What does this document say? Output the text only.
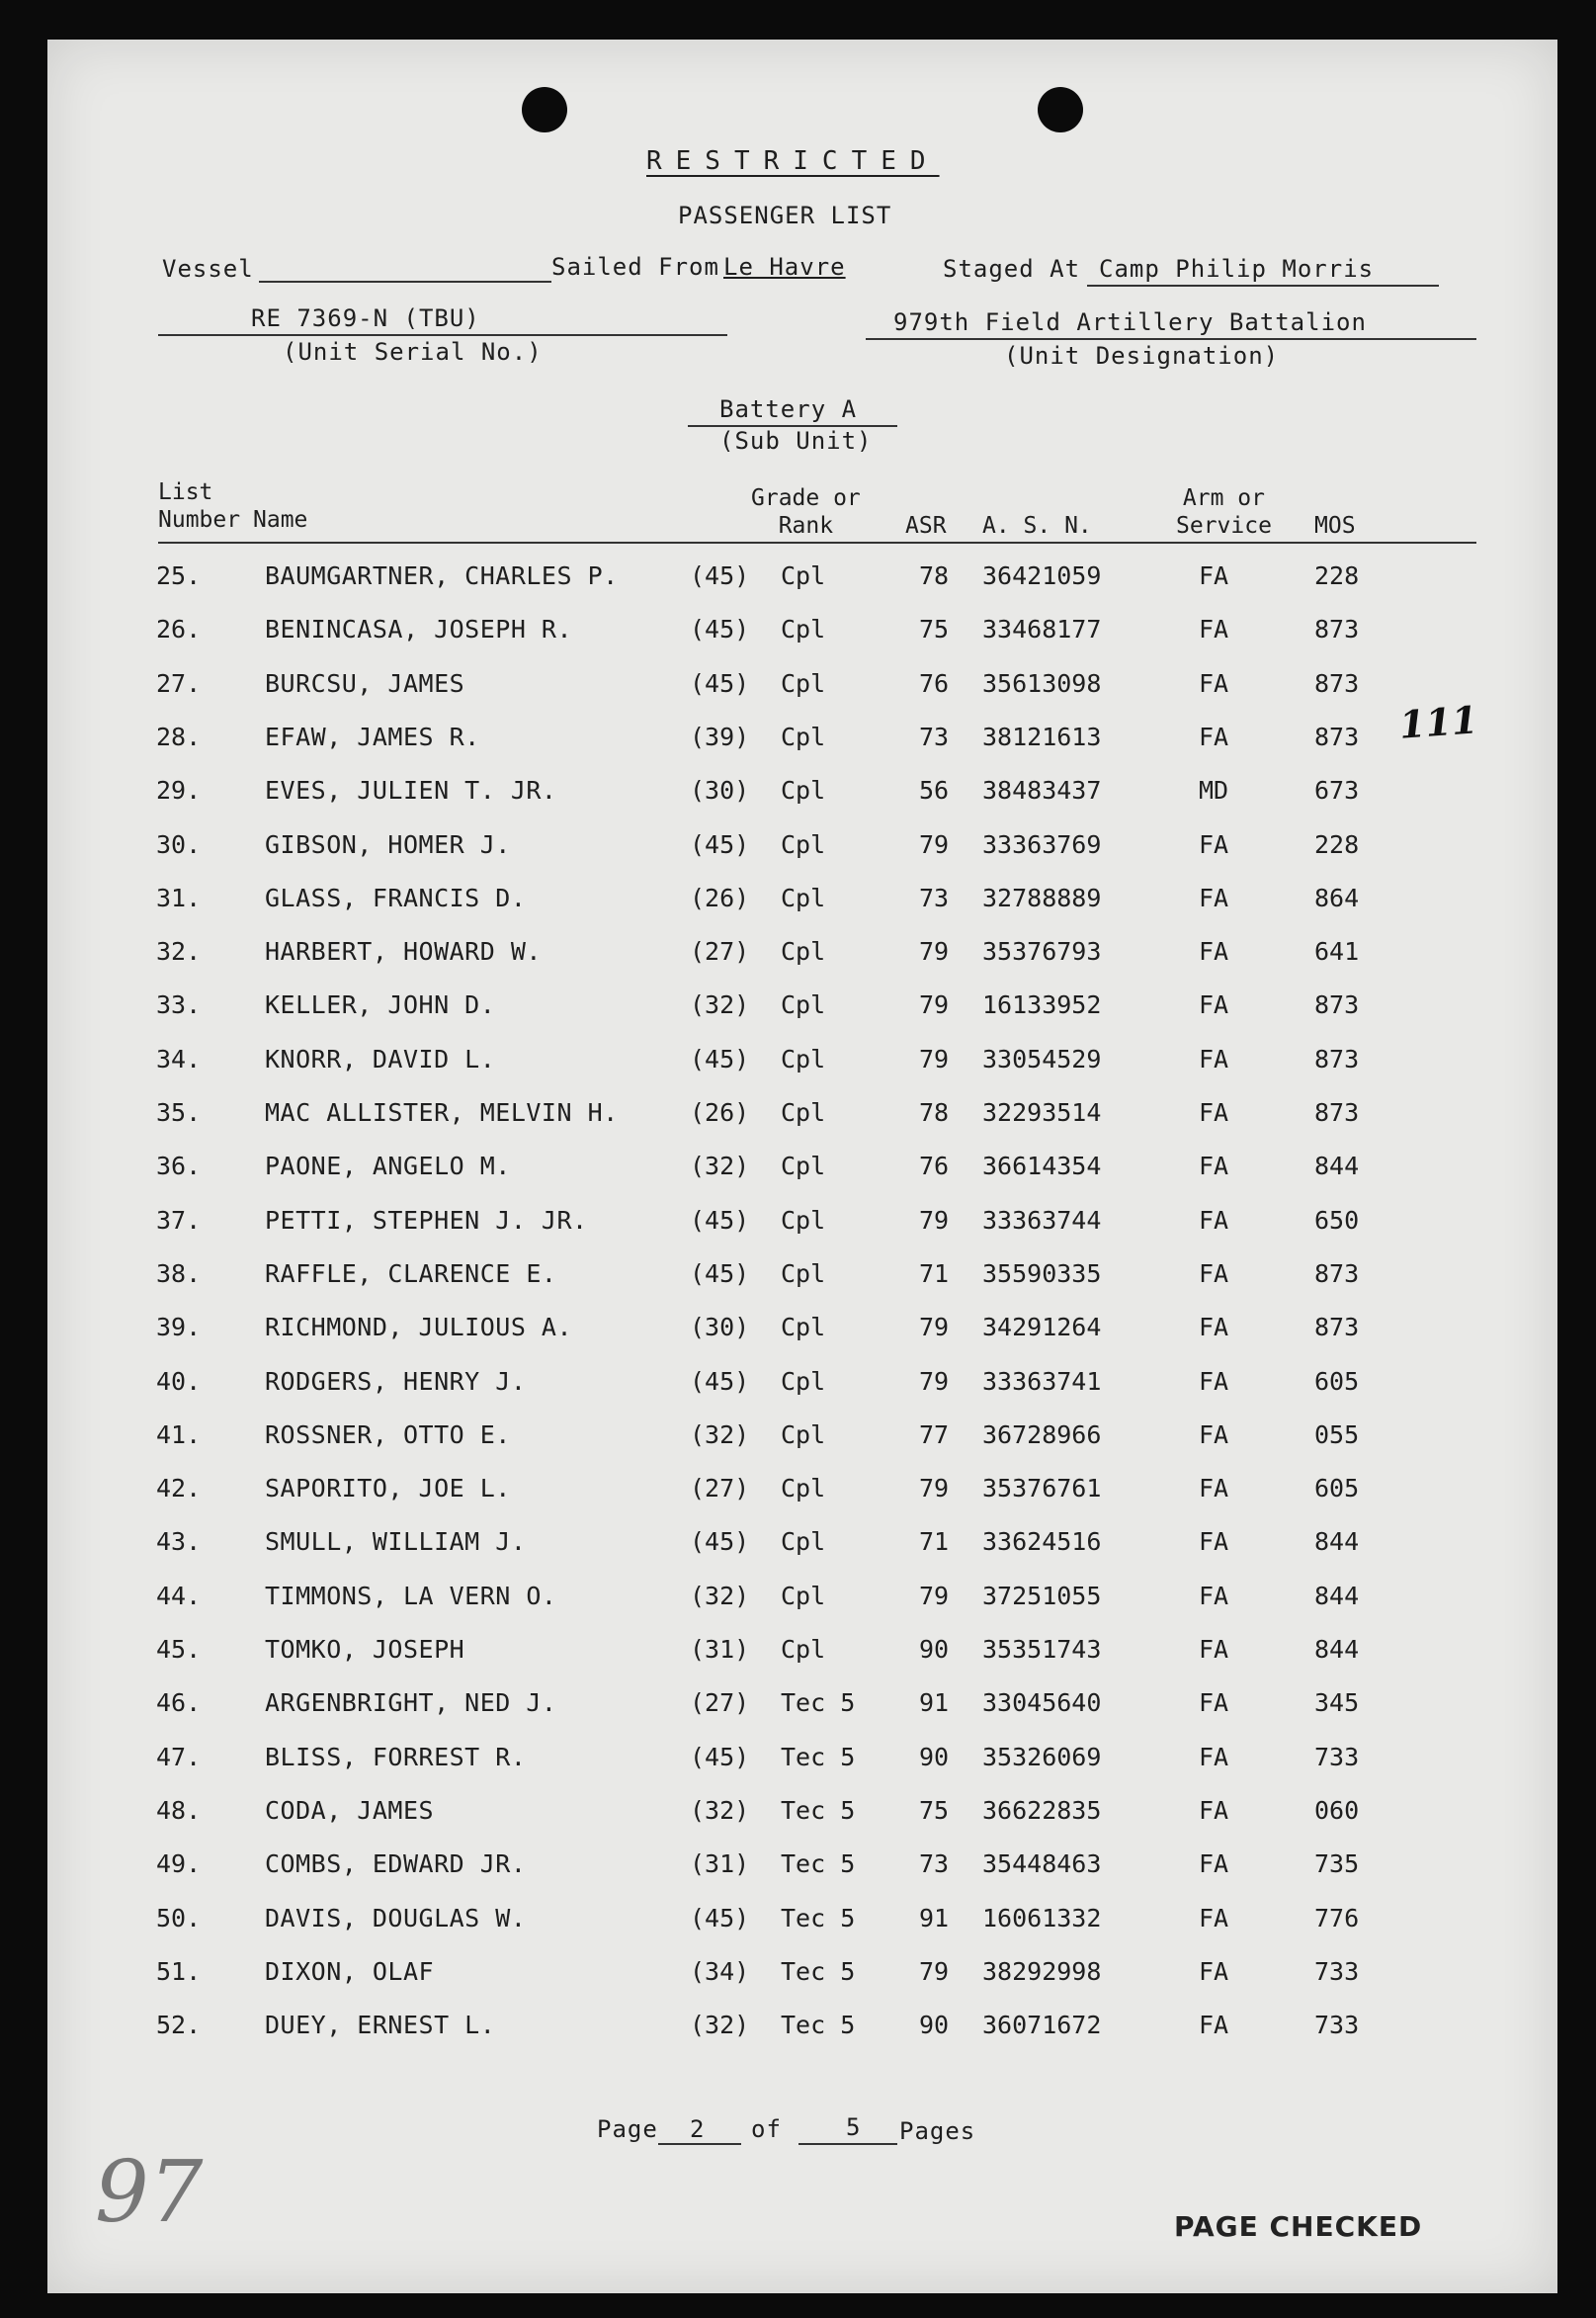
RESTRICTED
PASSENGER LIST
Vessel	Sailed From Le Havre	Staged At Camp Philip Morris
RE 7369-N (TBU)
(Unit Serial No.)
979th Field Artillery Battalion
(Unit Designation)
Battery A
(Sub Unit)
List
Number Name
Grade or
Rank	ASR A. S. N.
Arm or
Service MOS
25.	BAUMGARTNER, CHARLES P.	(45) Cpl	78 36421059	FA	228
26.	BENINCASA, JOSEPH R.	(45) Cpl	75 33468177	FA	873
27.	BURCSU, JAMES	(45) Cpl	76 35613098	FA	873
28.	EFAW, JAMES R.	(39) Cpl	73 38121613	FA	873
29.	EVES, JULIEN T. JR.	(30) Cpl	56 38483437	MD	673
30.	GIBSON, HOMER J.	(45) Cpl	79 33363769	FA	228
31.	GLASS, FRANCIS D.	(26) Cpl	73 32788889	FA	864
32.	HARBERT, HOWARD W.	(27) Cpl	79 35376793	FA	641
33.	KELLER, JOHN D.	(32) Cpl	79 16133952	FA	873
34.	KNORR, DAVID L.	(45) Cpl	79 33054529	FA	873
35.	MAC ALLISTER, MELVIN H.	(26) Cpl	78 32293514	FA	873
36.	PAONE, ANGELO M.	(32) Cpl	76 36614354	FA	844
37.	PETTI, STEPHEN J. JR.	(45) Cpl	79 33363744	FA	650
38.	RAFFLE, CLARENCE E.	(45) Cpl	71 35590335	FA	873
39.	RICHMOND, JULIOUS A.	(30) Cpl	79 34291264	FA	873
40.	RODGERS, HENRY J.	(45) Cpl	79 33363741	FA	605
41.	ROSSNER, OTTO E.	(32) Cpl	77 36728966	FA	055
42.	SAPORITO, JOE L.	(27) Cpl	79 35376761	FA	605
43.	SMULL, WILLIAM J.	(45) Cpl	71 33624516	FA	844
44.	TIMMONS, LA VERN O.	(32) Cpl	79 37251055	FA	844
45.	TOMKO, JOSEPH	(31) Cpl	90 35351743	FA	844
46.	ARGENBRIGHT, NED J.	(27) Tec 5	91 33045640	FA	345
47.	BLISS, FORREST R.	(45) Tec 5	90 35326069	FA	733
48.	CODA, JAMES	(32) Tec 5	75 36622835	FA	060
49.	COMBS, EDWARD JR.	(31) Tec 5	73 35448463	FA	735
50.	DAVIS, DOUGLAS W.	(45) Tec 5	91 16061332	FA	776
51.	DIXON, OLAF	(34) Tec 5	79 38292998	FA	733
52.	DUEY, ERNEST L.	(32) Tec 5	90 36071672	FA	733
111
Page 2 of	5 Pages
97	PAGE CHECKED
